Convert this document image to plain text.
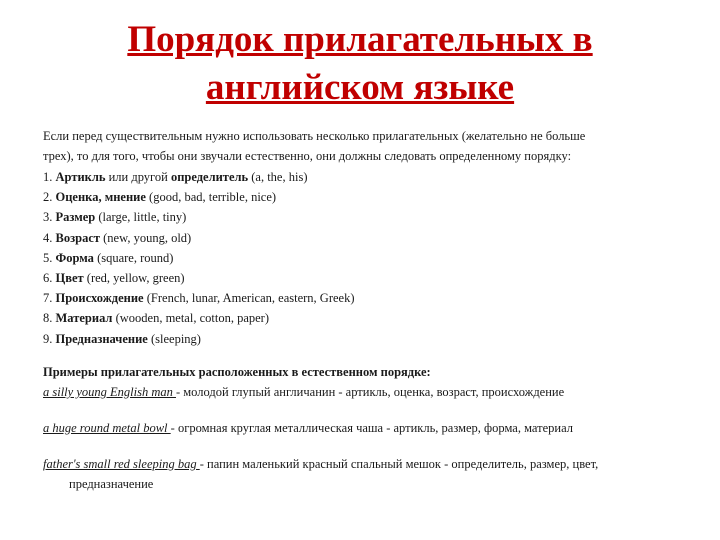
Порядок прилагательных в
английском языке

Если перед существительным нужно использовать несколько прилагательных (желательно не больше
трех), то для того, чтобы они звучали естественно, они должны следовать определенному порядку:

1. Артикль или другой определитель (a, the, his)
2. Оценка, мнение (good, bad, terrible, nice)
3. Размер (large, little, tiny)
4. Возраст (new, young, old)
5. Форма (square, round)
6. Цвет (red, yellow, green)
7. Происхождение (French, lunar, American, eastern, Greek)
8. Материал (wooden, metal, cotton, paper)
9. Предназначение (sleeping)
Примеры прилагательных расположенных в естественном порядке:
a silly young English man - молодой глупый англичанин - артикль, оценка, возраст, происхождение
a huge round metal bowl - огромная круглая металлическая чаша - артикль, размер, форма, материал
father's small red sleeping bag - папин маленький красный спальный мешок - определитель, размер, цвет,
предназначение
